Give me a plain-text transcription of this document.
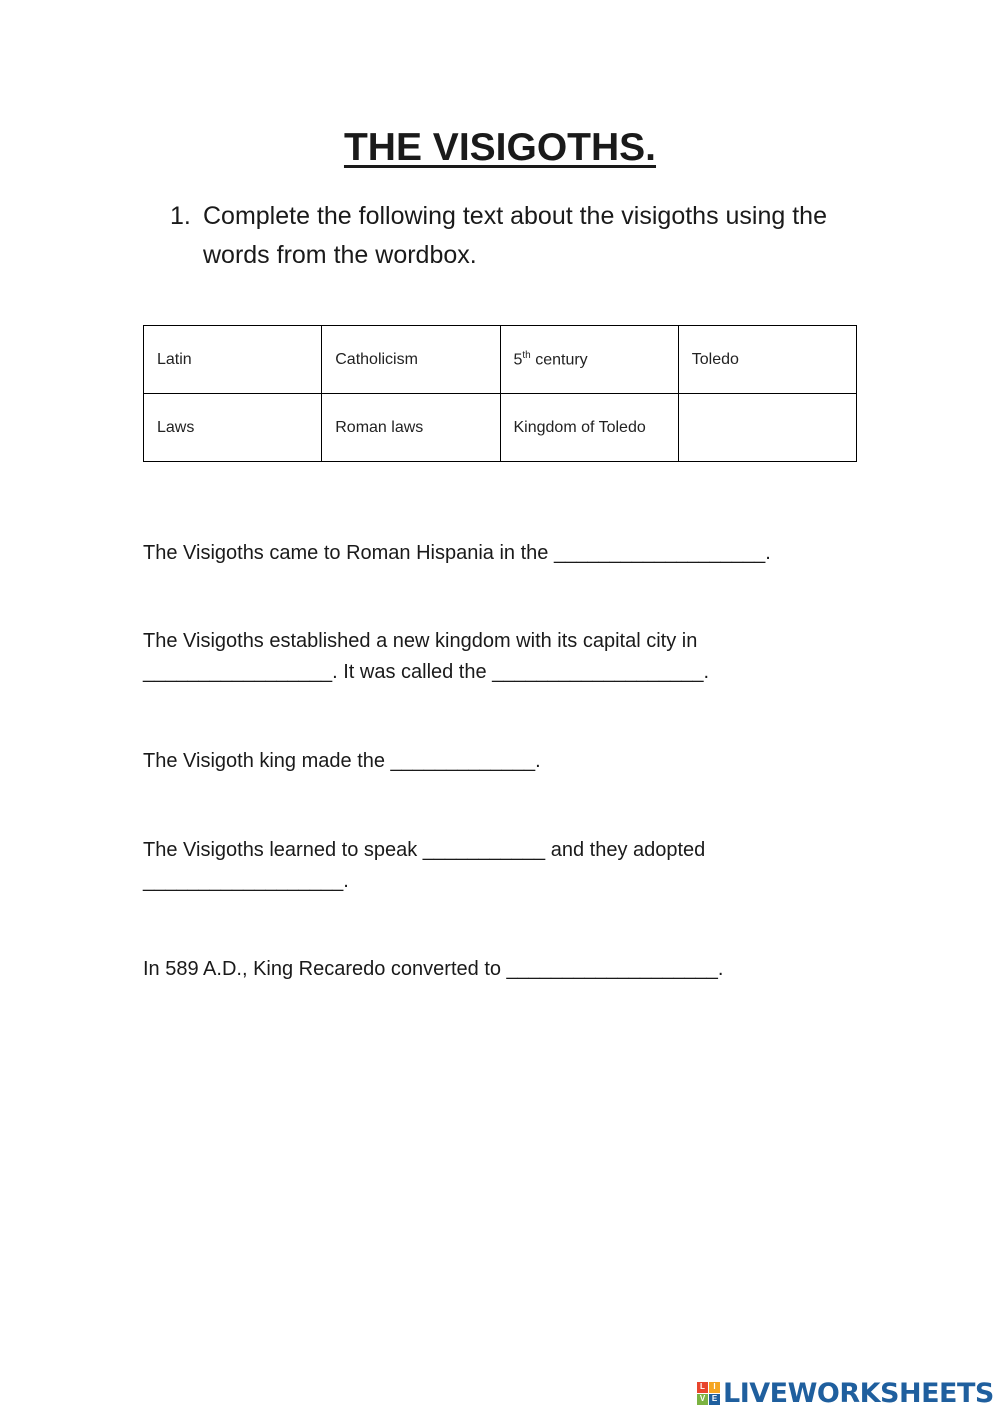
THE VISIGOTHS.
1. Complete the following text about the visigoths using the words from the wordbox.
Latin	Catholicism	5th century	Toledo
Laws	Roman laws	Kingdom of Toledo	

The Visigoths came to Roman Hispania in the ___________________.

The Visigoths established a new kingdom with its capital city in
_________________. It was called the ___________________.

The Visigoth king made the _____________.

The Visigoths learned to speak ___________ and they adopted
__________________.

In 589 A.D., King Recaredo converted to ___________________.

L	I
V E LIVEWORKSHEETS
